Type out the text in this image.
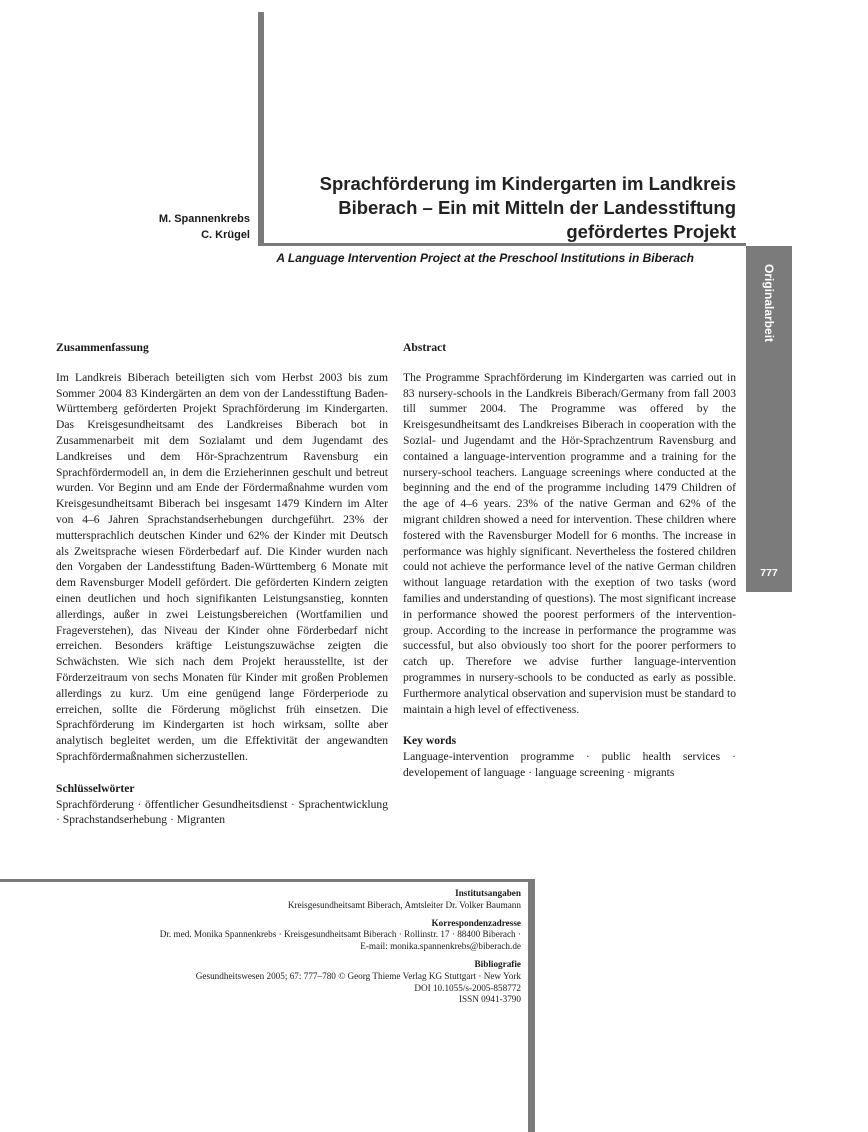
M. Spannenkrebs
C. Krügel
Sprachförderung im Kindergarten im Landkreis Biberach – Ein mit Mitteln der Landesstiftung gefördertes Projekt
A Language Intervention Project at the Preschool Institutions in Biberach
Originalarbeit
777
Zusammenfassung

Im Landkreis Biberach beteiligten sich vom Herbst 2003 bis zum Sommer 2004 83 Kindergärten an dem von der Landesstiftung Baden-Württemberg geförderten Projekt Sprachförderung im Kindergarten. Das Kreisgesundheitsamt des Landkreises Biberach bot in Zusammenarbeit mit dem Sozialamt und dem Jugendamt des Landkreises und dem Hör-Sprachzentrum Ravensburg ein Sprachfördermodell an, in dem die Erzieherinnen geschult und betreut wurden. Vor Beginn und am Ende der Fördermaßnahme wurden vom Kreisgesundheitsamt Biberach bei insgesamt 1479 Kindern im Alter von 4–6 Jahren Sprachstandserhebungen durchgeführt. 23% der muttersprachlich deutschen Kinder und 62% der Kinder mit Deutsch als Zweitsprache wiesen Förderbedarf auf. Die Kinder wurden nach den Vorgaben der Landesstiftung Baden-Württemberg 6 Monate mit dem Ravensburger Modell gefördert. Die geförderten Kindern zeigten einen deutlichen und hoch signifikanten Leistungsanstieg, konnten allerdings, außer in zwei Leistungsbereichen (Wortfamilien und Frageverstehen), das Niveau der Kinder ohne Förderbedarf nicht erreichen. Besonders kräftige Leistungszuwächse zeigten die Schwächsten. Wie sich nach dem Projekt herausstellte, ist der Förderzeitraum von sechs Monaten für Kinder mit großen Problemen allerdings zu kurz. Um eine genügend lange Förderperiode zu erreichen, sollte die Förderung möglichst früh einsetzen. Die Sprachförderung im Kindergarten ist hoch wirksam, sollte aber analytisch begleitet werden, um die Effektivität der angewandten Sprachfördermaßnahmen sicherzustellen.

Schlüsselwörter

Sprachförderung · öffentlicher Gesundheitsdienst · Sprachentwicklung · Sprachstandserhebung · Migranten

Abstract

The Programme Sprachförderung im Kindergarten was carried out in 83 nursery-schools in the Landkreis Biberach/Germany from fall 2003 till summer 2004. The Programme was offered by the Kreisgesundheitsamt des Landkreises Biberach in cooperation with the Sozial- und Jugendamt and the Hör-Sprachzentrum Ravensburg and contained a language-intervention programme and a training for the nursery-school teachers. Language screenings where conducted at the beginning and the end of the programme including 1479 Children of the age of 4–6 years. 23% of the native German and 62% of the migrant children showed a need for intervention. These children where fostered with the Ravensburger Modell for 6 months. The increase in performance was highly significant. Nevertheless the fostered children could not achieve the performance level of the native German children without language retardation with the exeption of two tasks (word families and understanding of questions). The most significant increase in performance showed the poorest performers of the intervention-group. According to the increase in performance the programme was successful, but also obviously too short for the poorer performers to catch up. Therefore we advise further language-intervention programmes in nursery-schools to be conducted as early as possible. Furthermore analytical observation and supervision must be standard to maintain a high level of effectiveness.

Key words

Language-intervention programme · public health services · developement of language · language screening · migrants

Institutsangaben
Kreisgesundheitsamt Biberach, Amtsleiter Dr. Volker Baumann
Korrespondenzadresse
Dr. med. Monika Spannenkrebs · Kreisgesundheitsamt Biberach · Rollinstr. 17 · 88400 Biberach ·
E-mail: monika.spannenkrebs@biberach.de
Bibliografie
Gesundheitswesen 2005; 67: 777–780 © Georg Thieme Verlag KG Stuttgart · New York
DOI 10.1055/s-2005-858772
ISSN 0941-3790
